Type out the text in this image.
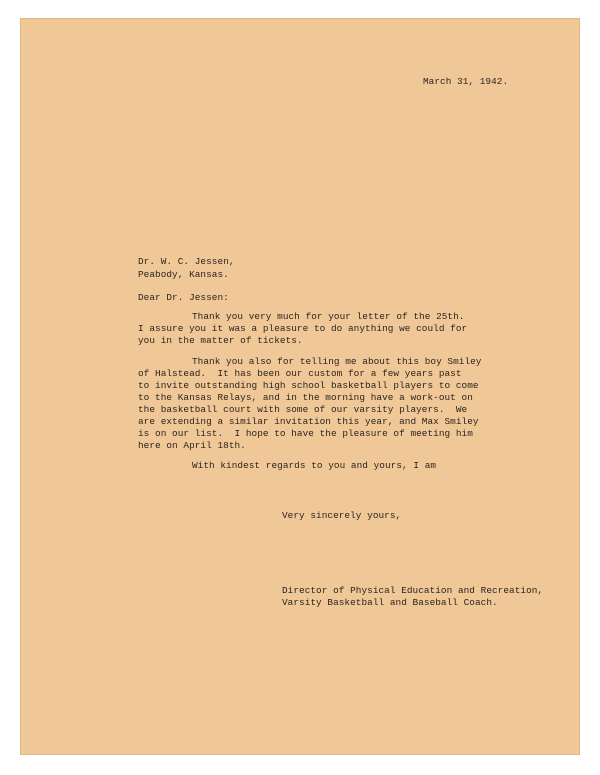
March 31, 1942.
Dr. W. C. Jessen,
Peabody, Kansas.
Dear Dr. Jessen:
Thank you very much for your letter of the 25th.
I assure you it was a pleasure to do anything we could for
you in the matter of tickets.
Thank you also for telling me about this boy Smiley
of Halstead.  It has been our custom for a few years past
to invite outstanding high school basketball players to come
to the Kansas Relays, and in the morning have a work-out on
the basketball court with some of our varsity players.  We
are extending a similar invitation this year, and Max Smiley
is on our list.  I hope to have the pleasure of meeting him
here on April 18th.
With kindest regards to you and yours, I am
Very sincerely yours,
Director of Physical Education and Recreation,
Varsity Basketball and Baseball Coach.
